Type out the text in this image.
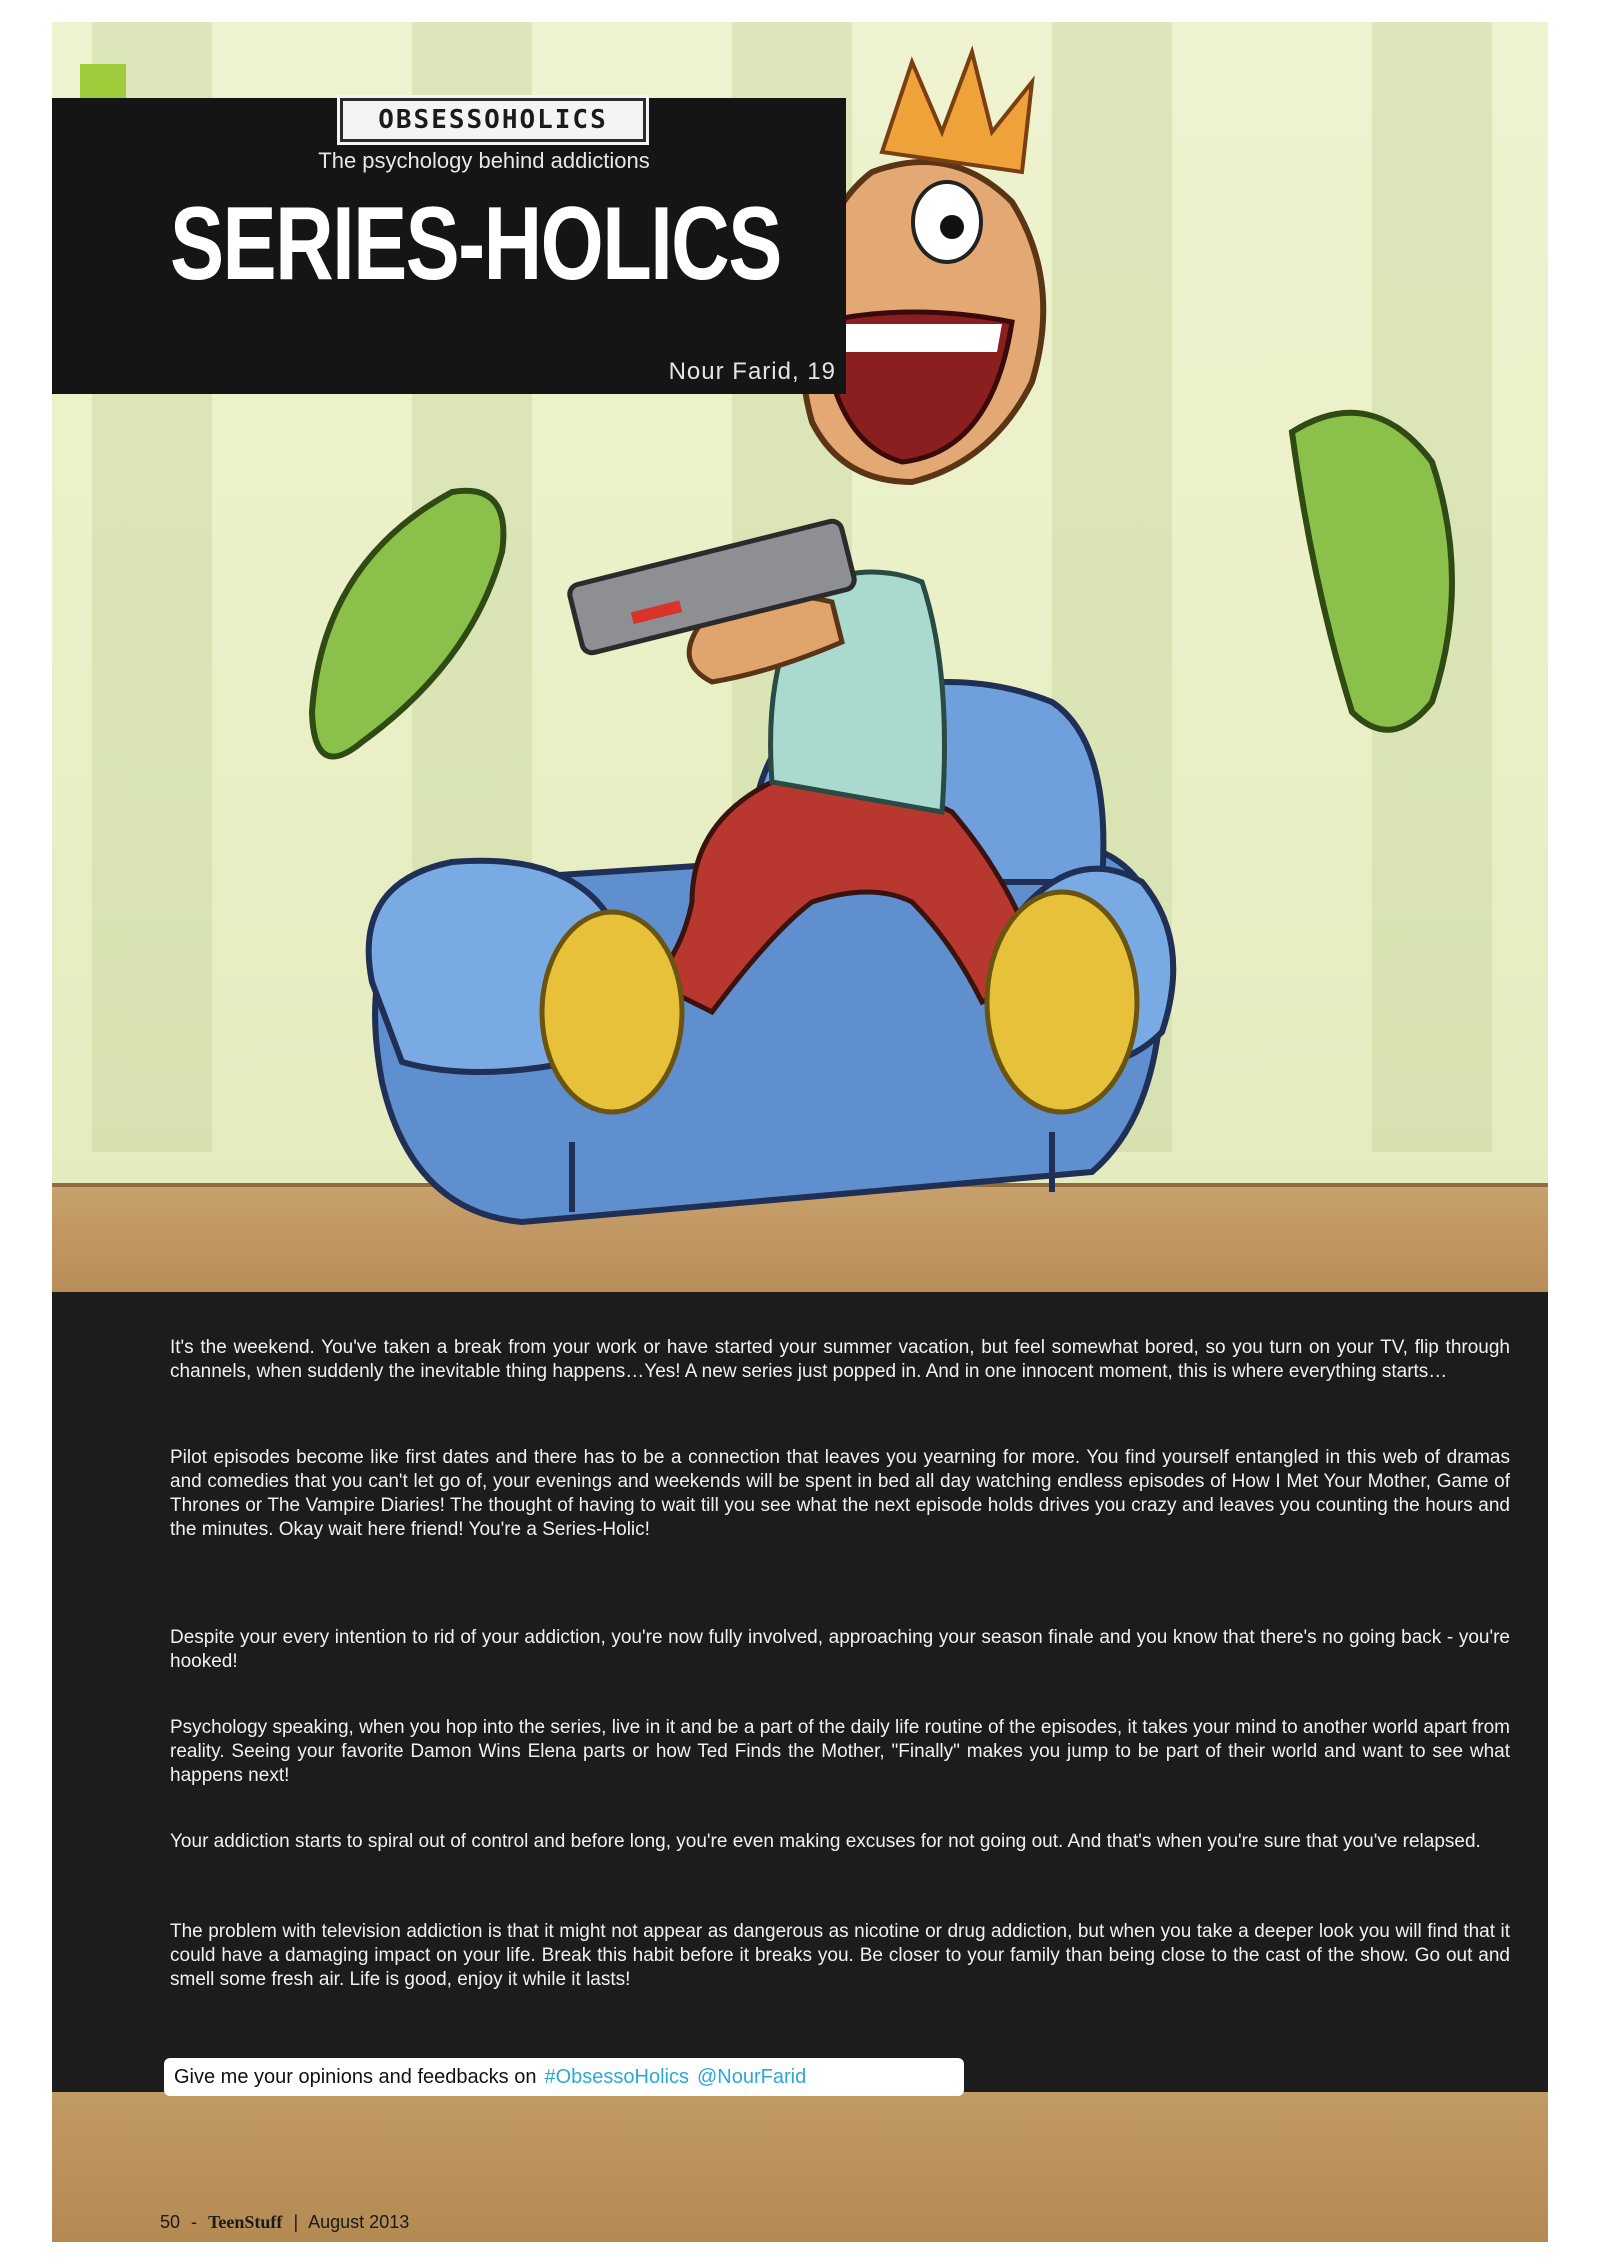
OBSESSOHOLICS
The psychology behind addictions
SERIES-HOLICS
Nour Farid, 19

It's the weekend. You've taken a break from your work or have started your summer vacation, but feel somewhat bored, so you turn on your TV, flip through channels, when suddenly the inevitable thing happens…Yes! A new series just popped in. And in one innocent moment, this is where everything starts…

Pilot episodes become like first dates and there has to be a connection that leaves you yearning for more. You find yourself entangled in this web of dramas and comedies that you can't let go of, your evenings and weekends will be spent in bed all day watching endless episodes of How I Met Your Mother, Game of Thrones or The Vampire Diaries! The thought of having to wait till you see what the next episode holds drives you crazy and leaves you counting the hours and the minutes. Okay wait here friend! You're a Series-Holic!

Despite your every intention to rid of your addiction, you're now fully involved, approaching your season finale and you know that there's no going back - you're hooked!

Psychology speaking, when you hop into the series, live in it and be a part of the daily life routine of the episodes, it takes your mind to another world apart from reality. Seeing your favorite Damon Wins Elena parts or how Ted Finds the Mother, "Finally" makes you jump to be part of their world and want to see what happens next!

Your addiction starts to spiral out of control and before long, you're even making excuses for not going out. And that's when you're sure that you've relapsed.

The problem with television addiction is that it might not appear as dangerous as nicotine or drug addiction, but when you take a deeper look you will find that it could have a damaging impact on your life. Break this habit before it breaks you. Be closer to your family than being close to the cast of the show. Go out and smell some fresh air. Life is good, enjoy it while it lasts!

50 - TeenStuff | August 2013
Give me your opinions and feedbacks on #ObsessoHolics @NourFarid
